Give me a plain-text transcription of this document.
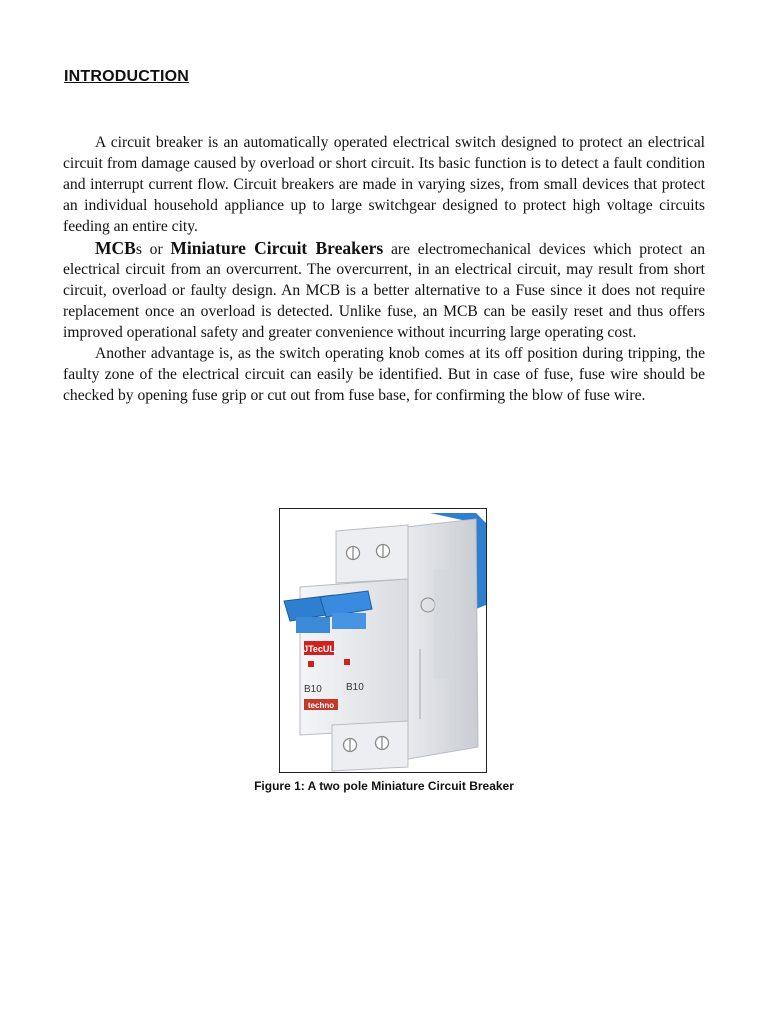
INTRODUCTION

A circuit breaker is an automatically operated electrical switch designed to protect an electrical circuit from damage caused by overload or short circuit. Its basic function is to detect a fault condition and interrupt current flow. Circuit breakers are made in varying sizes, from small devices that protect an individual household appliance up to large switchgear designed to protect high voltage circuits feeding an entire city.

MCBs or Miniature Circuit Breakers are electromechanical devices which protect an electrical circuit from an overcurrent. The overcurrent, in an electrical circuit, may result from short circuit, overload or faulty design. An MCB is a better alternative to a Fuse since it does not require replacement once an overload is detected. Unlike fuse, an MCB can be easily reset and thus offers improved operational safety and greater convenience without incurring large operating cost.

Another advantage is, as the switch operating knob comes at its off position during tripping, the faulty zone of the electrical circuit can easily be identified. But in case of fuse, fuse wire should be checked by opening fuse grip or cut out from fuse base, for confirming the blow of fuse wire.

JTecUL
B10 B10
techno
Figure 1: A two pole Miniature Circuit Breaker
